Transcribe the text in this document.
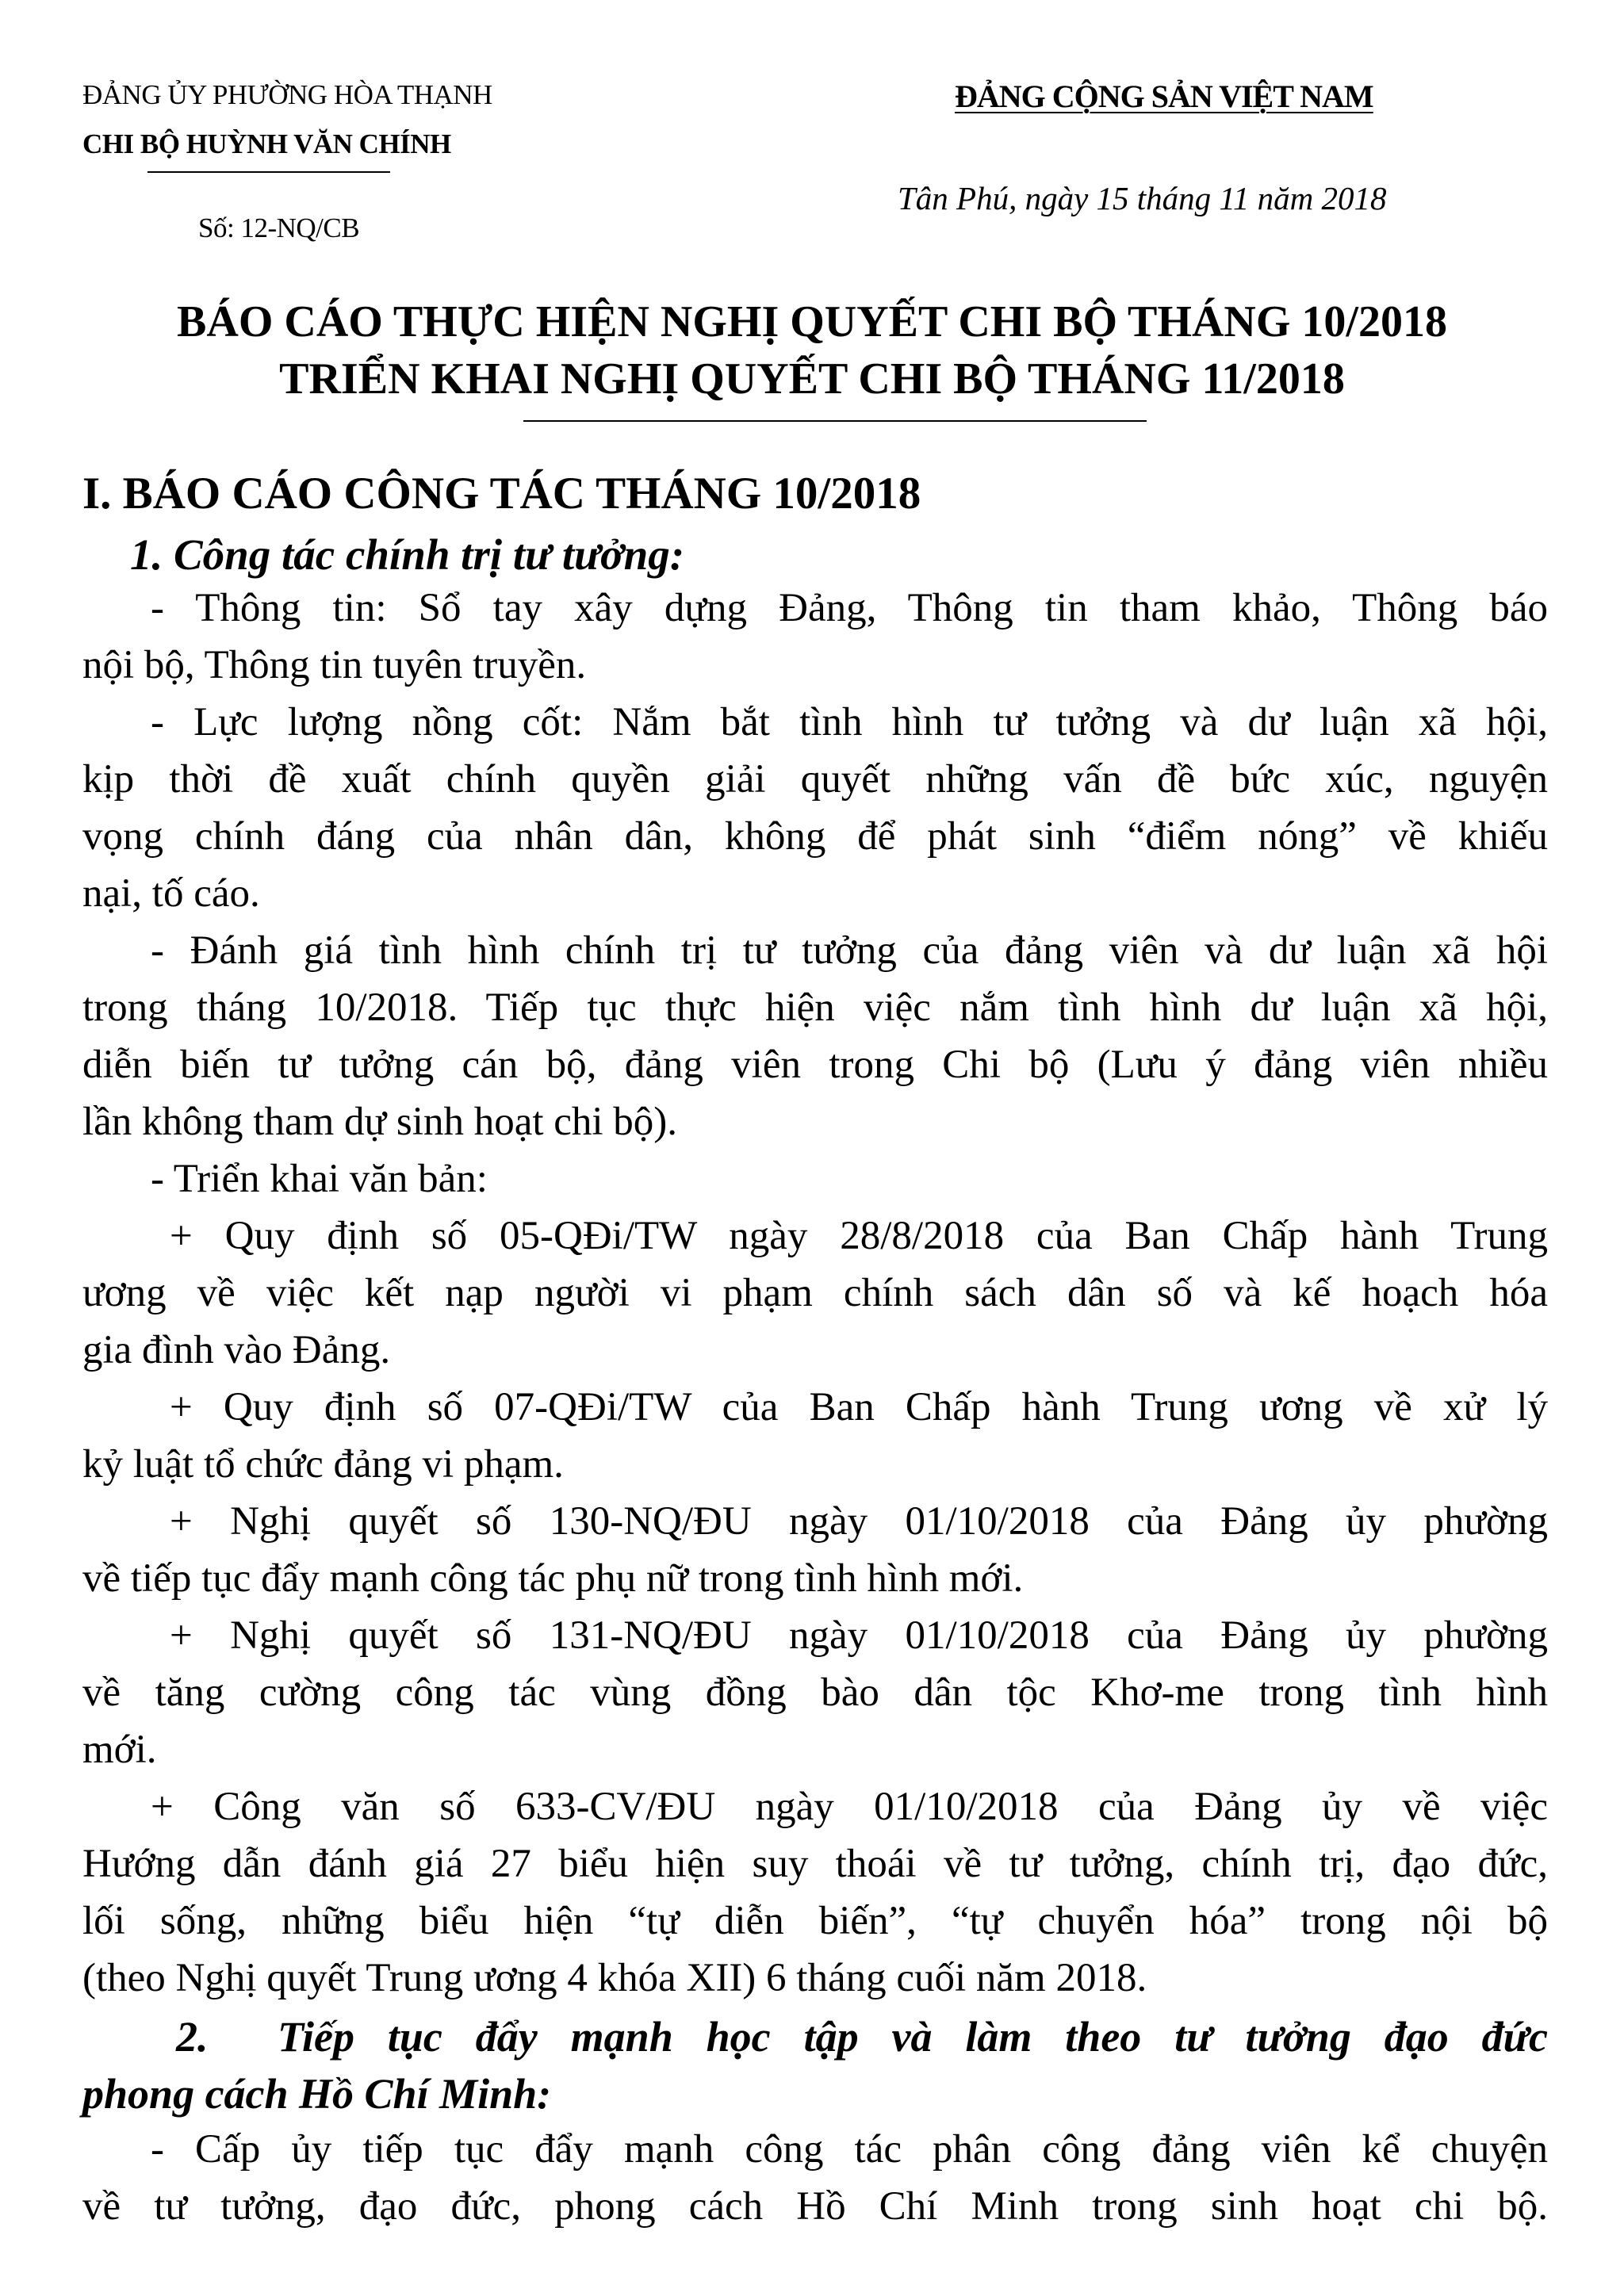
ĐẢNG ỦY PHƯỜNG HÒA THẠNH
CHI BỘ HUỲNH VĂN CHÍNH
Số: 12-NQ/CB
ĐẢNG CỘNG SẢN VIỆT NAM
Tân Phú, ngày 15 tháng 11 năm 2018
BÁO CÁO THỰC HIỆN NGHỊ QUYẾT CHI BỘ THÁNG 10/2018
TRIỂN KHAI NGHỊ QUYẾT CHI BỘ THÁNG 11/2018
I. BÁO CÁO CÔNG TÁC THÁNG 10/2018
1. Công tác chính trị tư tưởng:
- Thông tin: Sổ tay xây dựng Đảng, Thông tin tham khảo, Thông báo
nội bộ, Thông tin tuyên truyền.
- Lực lượng nồng cốt: Nắm bắt tình hình tư tưởng và dư luận xã hội,
kịp thời đề xuất chính quyền giải quyết những vấn đề bức xúc, nguyện
vọng chính đáng của nhân dân, không để phát sinh “điểm nóng” về khiếu
nại, tố cáo.
- Đánh giá tình hình chính trị tư tưởng của đảng viên và dư luận xã hội
trong tháng 10/2018. Tiếp tục thực hiện việc nắm tình hình dư luận xã hội,
diễn biến tư tưởng cán bộ, đảng viên trong Chi bộ (Lưu ý đảng viên nhiều
lần không tham dự sinh hoạt chi bộ).
- Triển khai văn bản:
+ Quy định số 05-QĐi/TW ngày 28/8/2018 của Ban Chấp hành Trung
ương về việc kết nạp người vi phạm chính sách dân số và kế hoạch hóa
gia đình vào Đảng.
+ Quy định số 07-QĐi/TW của Ban Chấp hành Trung ương về xử lý
kỷ luật tổ chức đảng vi phạm.
+ Nghị quyết số 130-NQ/ĐU ngày 01/10/2018 của Đảng ủy phường
về tiếp tục đẩy mạnh công tác phụ nữ trong tình hình mới.
+ Nghị quyết số 131-NQ/ĐU ngày 01/10/2018 của Đảng ủy phường
về tăng cường công tác vùng đồng bào dân tộc Khơ-me trong tình hình
mới.
+ Công văn số 633-CV/ĐU ngày 01/10/2018 của Đảng ủy về việc
Hướng dẫn đánh giá 27 biểu hiện suy thoái về tư tưởng, chính trị, đạo đức,
lối sống, những biểu hiện “tự diễn biến”, “tự chuyển hóa” trong nội bộ
(theo Nghị quyết Trung ương 4 khóa XII) 6 tháng cuối năm 2018.
2. Tiếp tục đẩy mạnh học tập và làm theo tư tưởng đạo đức
phong cách Hồ Chí Minh:
- Cấp ủy tiếp tục đẩy mạnh công tác phân công đảng viên kể chuyện
về tư tưởng, đạo đức, phong cách Hồ Chí Minh trong sinh hoạt chi bộ.
